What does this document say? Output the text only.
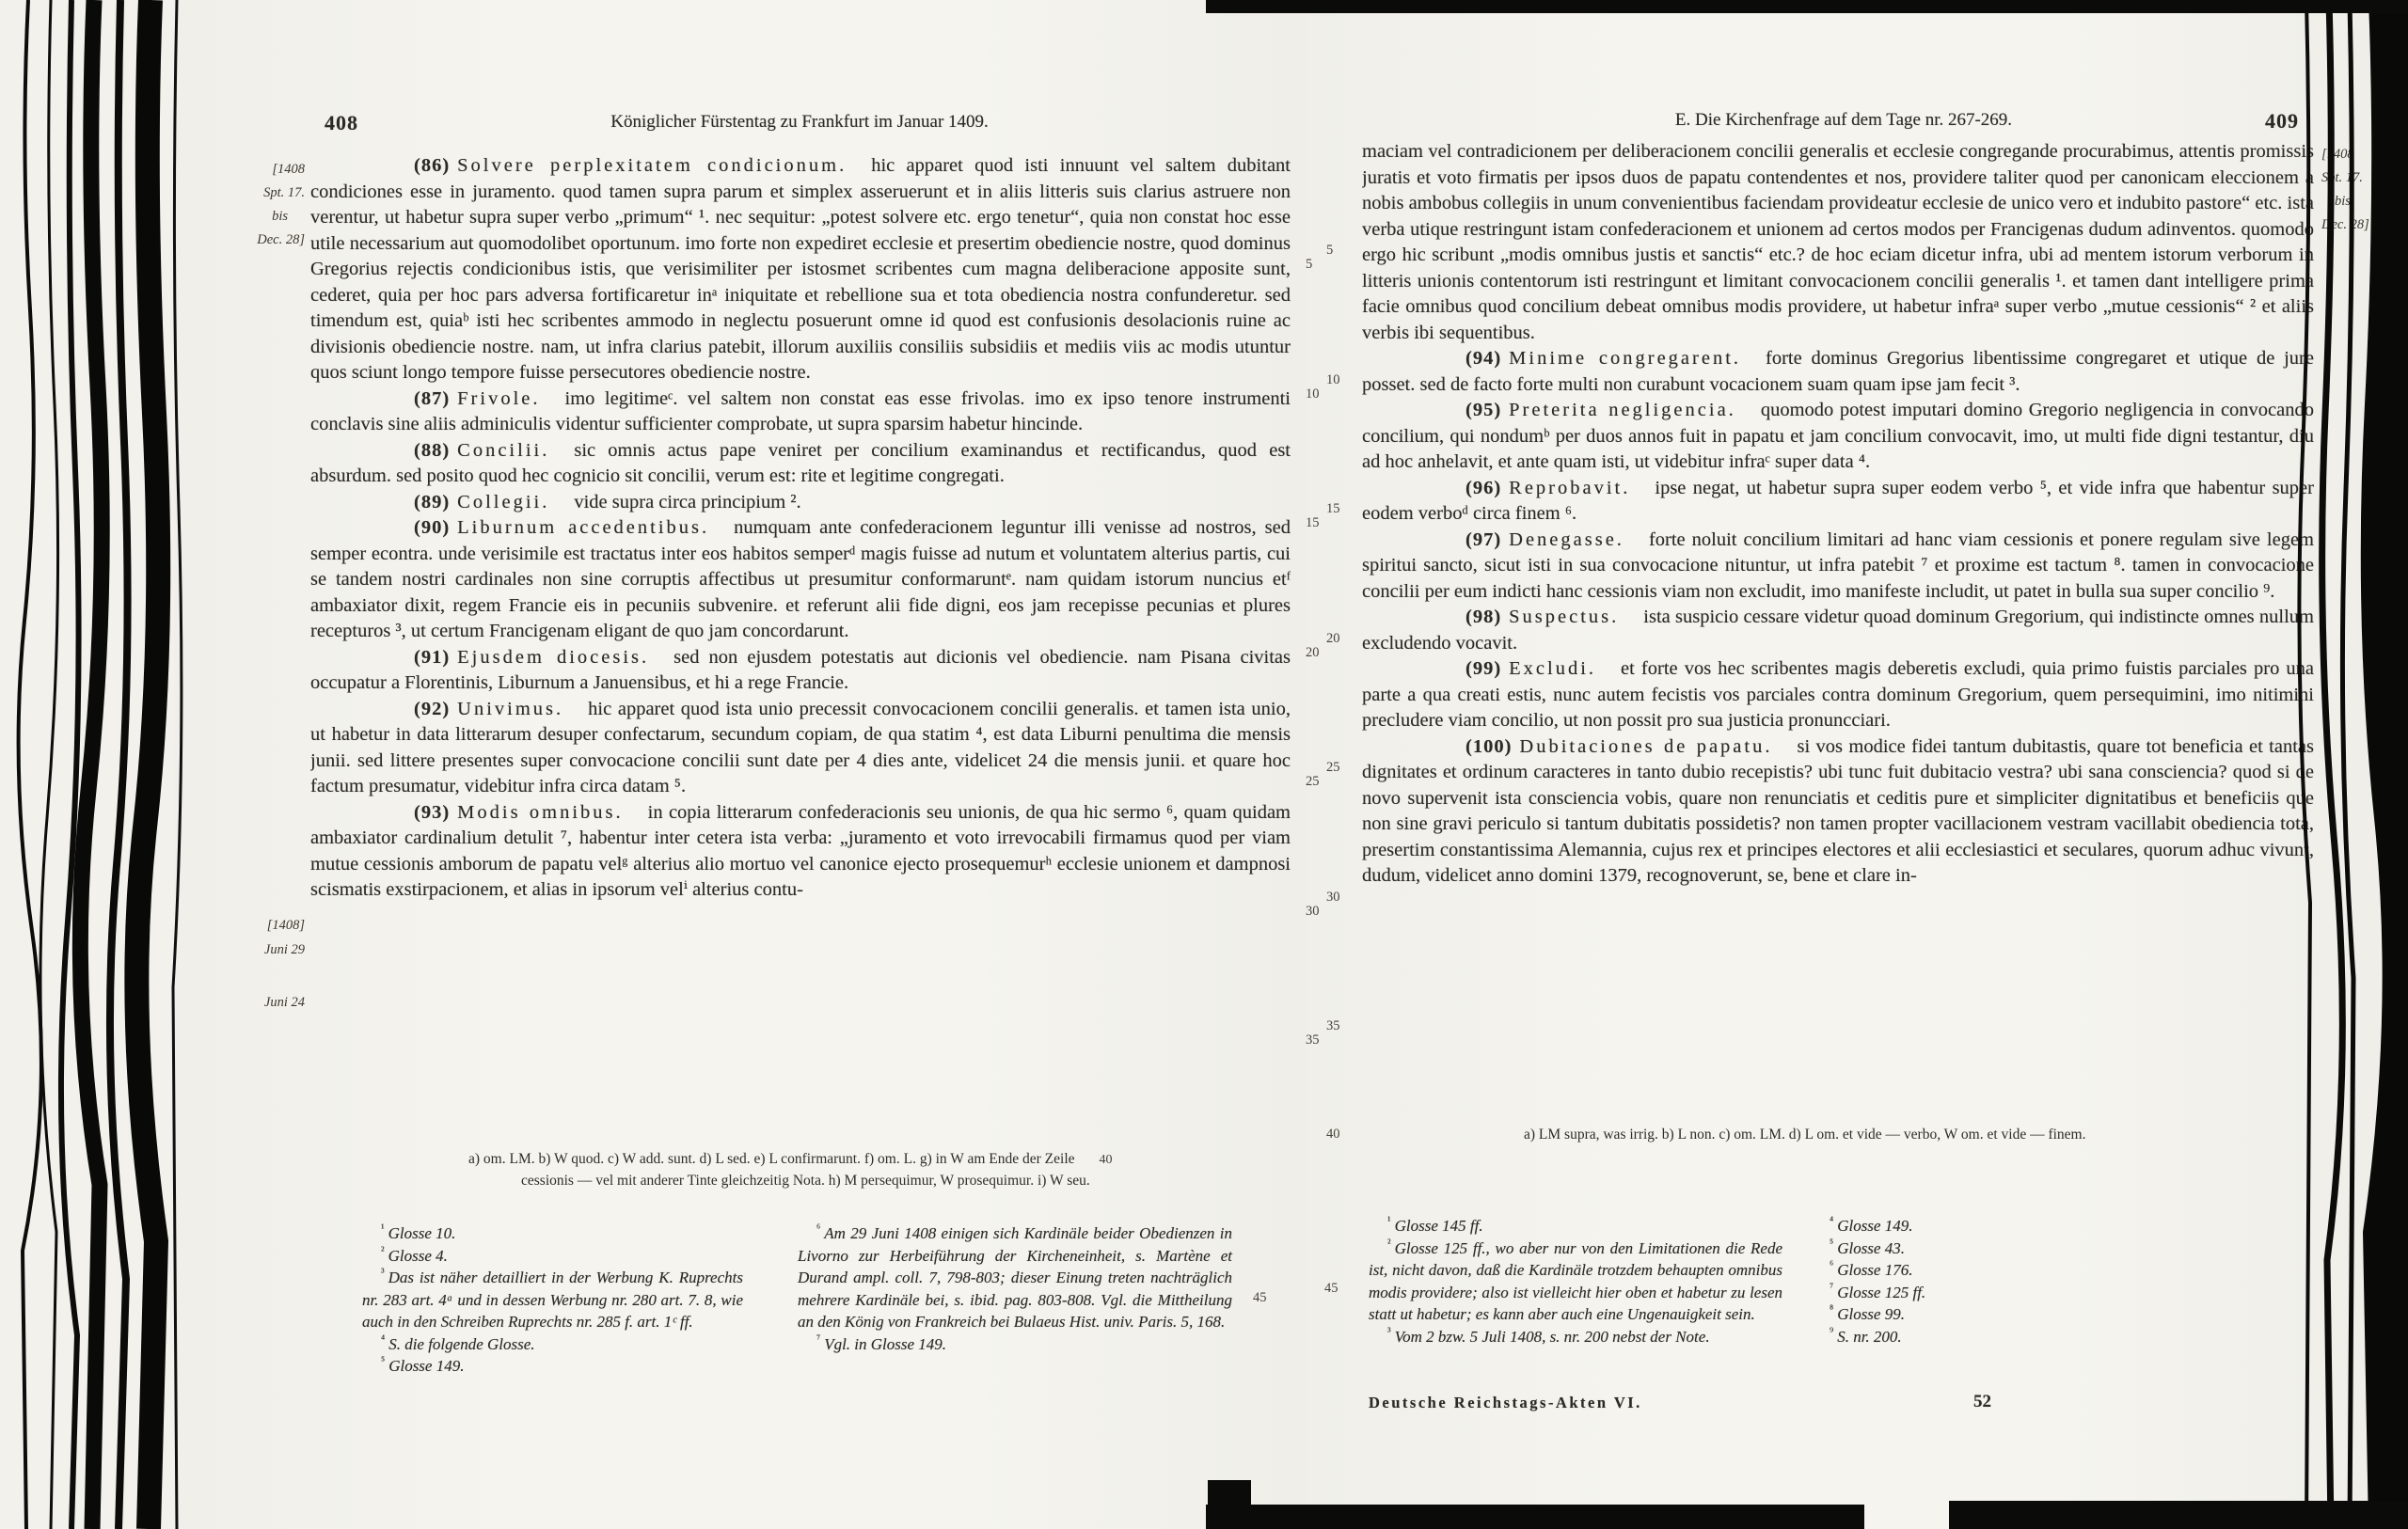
408	Königlicher Fürstentag zu Frankfurt im Januar 1409.
[1408
Spt. 17.
bis
Dec. 28]
[1408]
Juni 29
Juni 24
5
10
15
20
25
30
35

(86) Solvere perplexitatem condicionum. hic apparet quod isti innuunt vel saltem dubitant condiciones esse in juramento. quod tamen supra parum et simplex asseruerunt et in aliis litteris suis clarius astruere non verentur, ut habetur supra super verbo „primum“ ¹. nec sequitur: „potest solvere etc. ergo tenetur“, quia non constat hoc esse utile necessarium aut quomodolibet oportunum. imo forte non expediret ecclesie et presertim obediencie nostre, quod dominus Gregorius rejectis condicionibus istis, que verisimiliter per istosmet scribentes cum magna deliberacione apposite sunt, cederet, quia per hoc pars adversa fortificaretur inᵃ iniquitate et rebellione sua et tota obediencia nostra confunderetur. sed timendum est, quiaᵇ isti hec scribentes ammodo in neglectu posuerunt omne id quod est confusionis desolacionis ruine ac divisionis obediencie nostre. nam, ut infra clarius patebit, illorum auxiliis consiliis subsidiis et mediis viis ac modis utuntur quos sciunt longo tempore fuisse persecutores obediencie nostre.

(87) Frivole. imo legitimeᶜ. vel saltem non constat eas esse frivolas. imo ex ipso tenore instrumenti conclavis sine aliis adminiculis videntur sufficienter comprobate, ut supra sparsim habetur hincinde.

(88) Concilii. sic omnis actus pape veniret per concilium examinandus et rectificandus, quod est absurdum. sed posito quod hec cognicio sit concilii, verum est: rite et legitime congregati.

(89) Collegii. vide supra circa principium ².

(90) Liburnum accedentibus. numquam ante confederacionem leguntur illi venisse ad nostros, sed semper econtra. unde verisimile est tractatus inter eos habitos semperᵈ magis fuisse ad nutum et voluntatem alterius partis, cui se tandem nostri cardinales non sine corruptis affectibus ut presumitur conformaruntᵉ. nam quidam istorum nuncius etᶠ ambaxiator dixit, regem Francie eis in pecuniis subvenire. et referunt alii fide digni, eos jam recepisse pecunias et plures recepturos ³, ut certum Francigenam eligant de quo jam concordarunt.

(91) Ejusdem diocesis. sed non ejusdem potestatis aut dicionis vel obediencie. nam Pisana civitas occupatur a Florentinis, Liburnum a Januensibus, et hi a rege Francie.

(92) Univimus. hic apparet quod ista unio precessit convocacionem concilii generalis. et tamen ista unio, ut habetur in data litterarum desuper confectarum, secundum copiam, de qua statim ⁴, est data Liburni penultima die mensis junii. sed littere presentes super convocacione concilii sunt date per 4 dies ante, videlicet 24 die mensis junii. et quare hoc factum presumatur, videbitur infra circa datam ⁵.

(93) Modis omnibus. in copia litterarum confederacionis seu unionis, de qua hic sermo ⁶, quam quidam ambaxiator cardinalium detulit ⁷, habentur inter cetera ista verba: „juramento et voto irrevocabili firmamus quod per viam mutue cessionis amborum de papatu velᵍ alterius alio mortuo vel canonice ejecto prosequemurʰ ecclesie unionem et dampnosi scismatis exstirpacionem, et alias in ipsorum velⁱ alterius contu-

a) om. LM. b) W quod. c) W add. sunt. d) L sed. e) L confirmarunt. f) om. L. g) in W am Ende der Zeile 40
cessionis — vel mit anderer Tinte gleichzeitig Nota. h) M persequimur, W prosequimur. i) W seu.

$^{^1}$ Glosse 10.

$^{^2}$ Glosse 4.

$^{^3}$ Das ist näher detailliert in der Werbung K. Ruprechts nr. 283 art. 4ᵃ und in dessen Werbung nr. 280 art. 7. 8, wie auch in den Schreiben Ruprechts nr. 285 f. art. 1ᶜ ff.

$^{^4}$ S. die folgende Glosse.

$^{^5}$ Glosse 149.

$^{^6}$ Am 29 Juni 1408 einigen sich Kardinäle beider Obedienzen in Livorno zur Herbeiführung der Kircheneinheit, s. Martène et Durand ampl. coll. 7, 798-803; dieser Einung treten nachträglich mehrere Kardinäle bei, s. ibid. pag. 803-808. Vgl. die Mittheilung an den König von Frankreich bei Bulaeus Hist. univ. Paris. 5, 168.

$^{^7}$ Vgl. in Glosse 149.

45
E. Die Kirchenfrage auf dem Tage nr. 267-269.	409
[1408
Spt. 17.
bis
Dec. 28]
5
10
15
20
25
30
35

maciam vel contradicionem per deliberacionem concilii generalis et ecclesie congregande procurabimus, attentis promissis juratis et voto firmatis per ipsos duos de papatu contendentes et nos, providere taliter quod per canonicam eleccionem a nobis ambobus collegiis in unum convenientibus faciendam provideatur ecclesie de unico vero et indubito pastore“ etc. ista verba utique restringunt istam confederacionem et unionem ad certos modos per Francigenas dudum adinventos. quomodo ergo hic scribunt „modis omnibus justis et sanctis“ etc.? de hoc eciam dicetur infra, ubi ad mentem istorum verborum in litteris unionis contentorum isti restringunt et limitant convocacionem concilii generalis ¹. et tamen dant intelligere prima facie omnibus quod concilium debeat omnibus modis providere, ut habetur infraᵃ super verbo „mutue cessionis“ ² et aliis verbis ibi sequentibus.

(94) Minime congregarent. forte dominus Gregorius libentissime congregaret et utique de jure posset. sed de facto forte multi non curabunt vocacionem suam quam ipse jam fecit ³.

(95) Preterita negligencia. quomodo potest imputari domino Gregorio negligencia in convocando concilium, qui nondumᵇ per duos annos fuit in papatu et jam concilium convocavit, imo, ut multi fide digni testantur, diu ad hoc anhelavit, et ante quam isti, ut videbitur infraᶜ super data ⁴.

(96) Reprobavit. ipse negat, ut habetur supra super eodem verbo ⁵, et vide infra que habentur super eodem verboᵈ circa finem ⁶.

(97) Denegasse. forte noluit concilium limitari ad hanc viam cessionis et ponere regulam sive legem spiritui sancto, sicut isti in sua convocacione nituntur, ut infra patebit ⁷ et proxime est tactum ⁸. tamen in convocacione concilii per eum indicti hanc cessionis viam non excludit, imo manifeste includit, ut patet in bulla sua super concilio ⁹.

(98) Suspectus. ista suspicio cessare videtur quoad dominum Gregorium, qui indistincte omnes nullum excludendo vocavit.

(99) Excludi. et forte vos hec scribentes magis deberetis excludi, quia primo fuistis parciales pro una parte a qua creati estis, nunc autem fecistis vos parciales contra dominum Gregorium, quem persequimini, imo nitimini precludere viam concilio, ut non possit pro sua justicia pronuncciari.

(100) Dubitaciones de papatu. si vos modice fidei tantum dubitastis, quare tot beneficia et tantas dignitates et ordinum caracteres in tanto dubio recepistis? ubi tunc fuit dubitacio vestra? ubi sana consciencia? quod si de novo supervenit ista consciencia vobis, quare non renunciatis et ceditis pure et simpliciter dignitatibus et beneficiis que non sine gravi periculo si tantum dubitatis possidetis? non tamen propter vacillacionem vestram vacillabit obediencia tota, presertim constantissima Alemannia, cujus rex et principes electores et alii ecclesiastici et seculares, quorum adhuc vivunt, dudum, videlicet anno domini 1379, recognoverunt, se, bene et clare in-

40	a) LM supra, was irrig. b) L non. c) om. LM. d) L om. et vide — verbo, W om. et vide — finem.
45

$^{^1}$ Glosse 145 ff.

$^{^2}$ Glosse 125 ff., wo aber nur von den Limitationen die Rede ist, nicht davon, daß die Kardinäle trotzdem behaupten omnibus modis providere; also ist vielleicht hier oben et habetur zu lesen statt ut habetur; es kann aber auch eine Ungenauigkeit sein.

$^{^3}$ Vom 2 bzw. 5 Juli 1408, s. nr. 200 nebst der Note.

$^{^4}$ Glosse 149.

$^{^5}$ Glosse 43.

$^{^6}$ Glosse 176.

$^{^7}$ Glosse 125 ff.

$^{^8}$ Glosse 99.

$^{^9}$ S. nr. 200.

Deutsche Reichstags-Akten VI.	52
